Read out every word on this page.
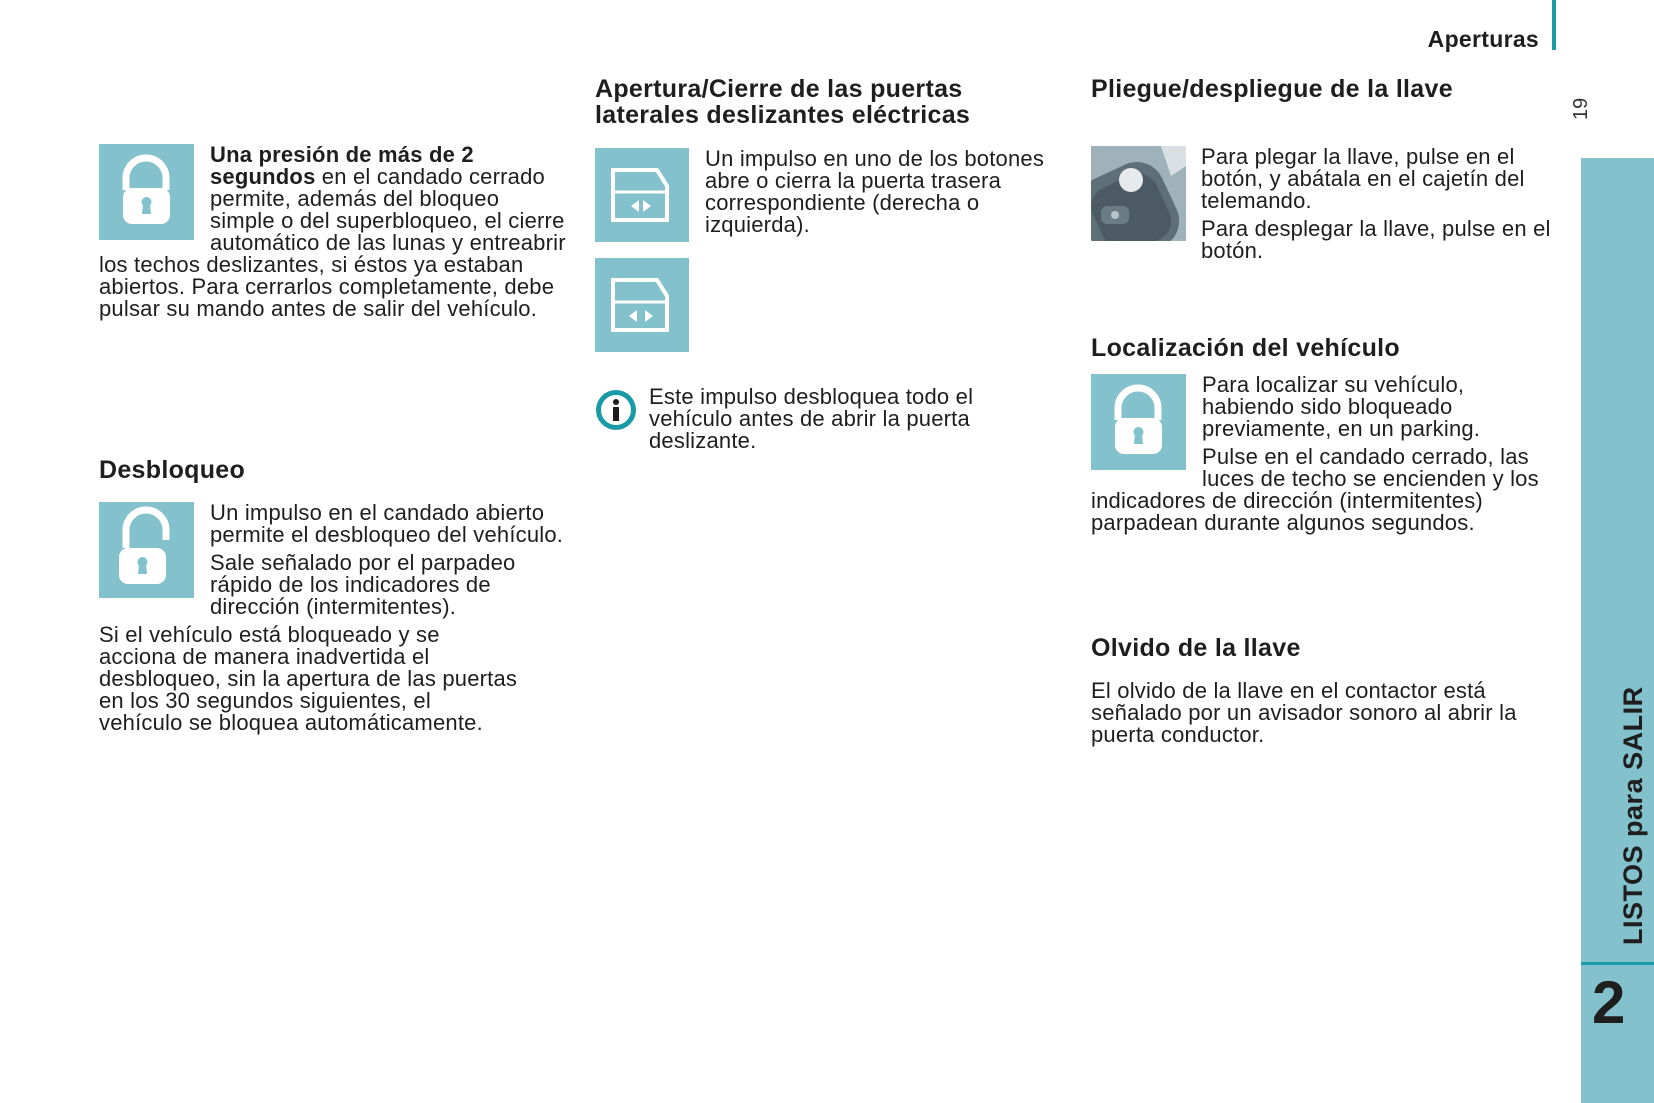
Aperturas
19
LISTOS para SALIR
2
Una presión de más de 2 segundos en el candado cerrado permite, además del bloqueo simple o del superbloqueo, el cierre automático de las lunas y entreabrir los techos deslizantes, si éstos ya estaban abiertos. Para cerrarlos completamente, debe pulsar su mando antes de salir del vehículo.
Desbloqueo

Un impulso en el candado abierto permite el desbloqueo del vehículo.

Sale señalado por el parpadeo rápido de los indicadores de dirección (intermitentes).

Si el vehículo está bloqueado y se acciona de manera inadvertida el desbloqueo, sin la apertura de las puertas en los 30 segundos siguientes, el vehículo se bloquea automáticamente.

Apertura/Cierre de las puertas laterales deslizantes eléctricas

Un impulso en uno de los botones abre o cierra la puerta trasera correspondiente (derecha o izquierda).

Este impulso desbloquea todo el vehículo antes de abrir la puerta deslizante.
Pliegue/despliegue de la llave

Para plegar la llave, pulse en el botón, y abátala en el cajetín del telemando.

Para desplegar la llave, pulse en el botón.

Localización del vehículo

Para localizar su vehículo, habiendo sido bloqueado previamente, en un parking.

Pulse en el candado cerrado, las luces de techo se encienden y los indicadores de dirección (intermitentes) parpadean durante algunos segundos.

Olvido de la llave
El olvido de la llave en el contactor está señalado por un avisador sonoro al abrir la puerta conductor.
